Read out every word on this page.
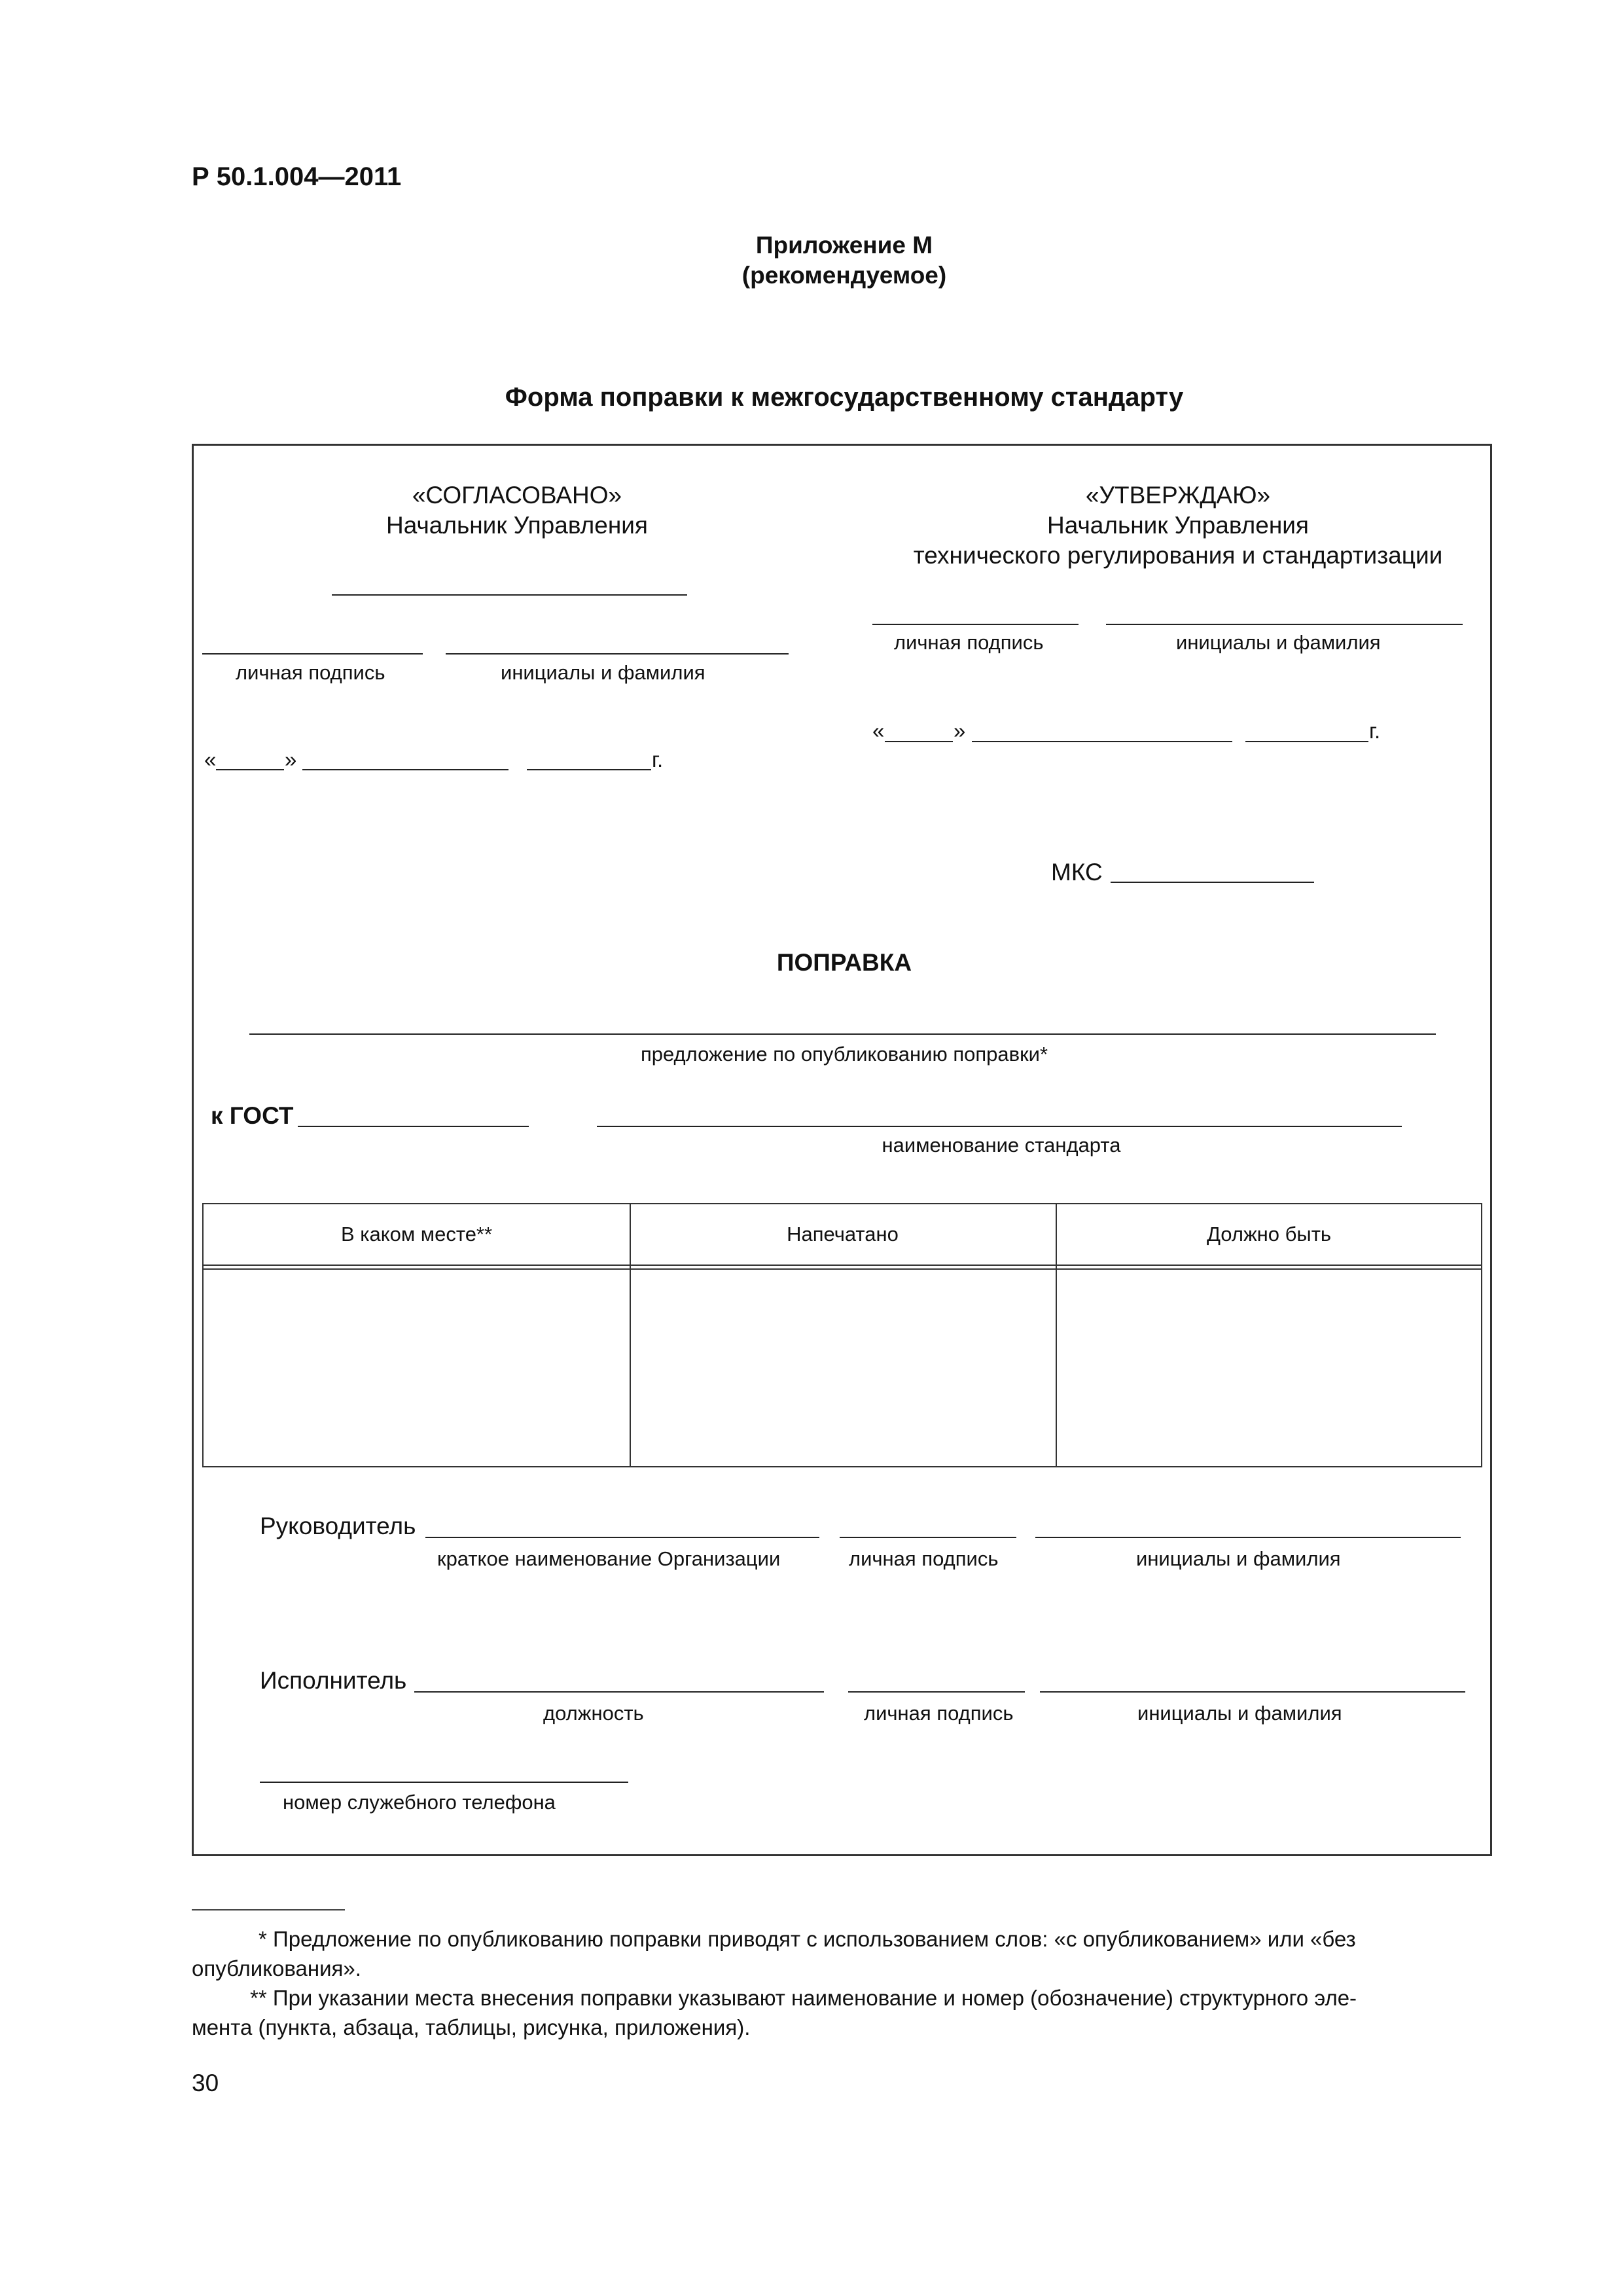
Р 50.1.004—2011
Приложение М
(рекомендуемое)
Форма поправки к межгосударственному стандарту
«СОГЛАСОВАНО»
Начальник Управления
личная подпись	инициалы и фамилия
«	»	г.
«УТВЕРЖДАЮ»
Начальник Управления
технического регулирования и стандартизации
личная подпись	инициалы и фамилия
«	»	г.
МКС
ПОПРАВКА
предложение по опубликованию поправки*
к ГОСТ
наименование стандарта
В каком месте**	Напечатано	Должно быть
Руководитель
краткое наименование Организации	личная подпись	инициалы и фамилия
Исполнитель
должность	личная подпись	инициалы и фамилия
номер служебного телефона
* Предложение по опубликованию поправки приводят с использованием слов: «с опубликованием» или «без
опубликования».
** При указании места внесения поправки указывают наименование и номер (обозначение) структурного эле-
мента (пункта, абзаца, таблицы, рисунка, приложения).
30
